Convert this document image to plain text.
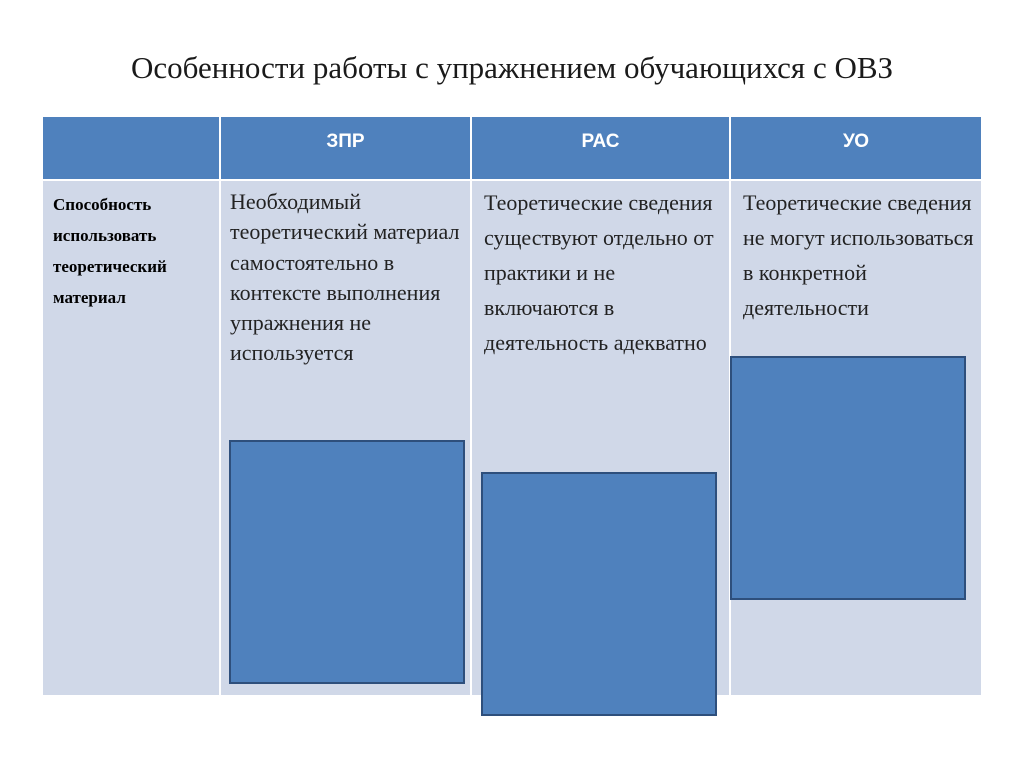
Особенности работы с упражнением обучающихся с ОВЗ
ЗПР	РАС	УО
Способность использовать теоретический материал
Необходимый теоретический материал самостоятельно в контексте выполнения упражнения не используется
Теоретические сведения существуют отдельно от практики и не включаются в деятельность адекватно
Теоретические сведения не могут использоваться в конкретной деятельности
